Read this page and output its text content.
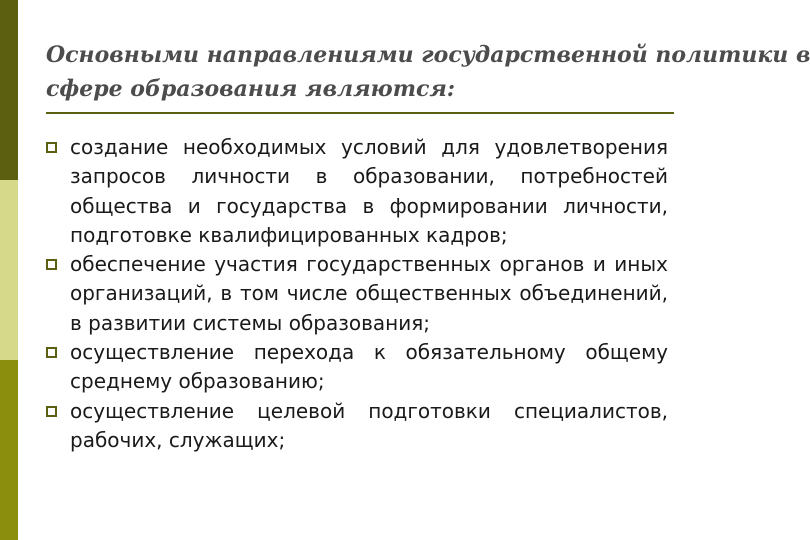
Основными направлениями государственной политики в
сфере образования являются:
создание необходимых условий для удовлетворения запросов личности в образовании, потребностей общества и государства в формировании личности, подготовке квалифицированных кадров;
обеспечение участия государственных органов и иных организаций, в том числе общественных объединений, в развитии системы образования;
осуществление перехода к обязательному общему среднему образованию;
осуществление целевой подготовки специалистов, рабочих, служащих;
